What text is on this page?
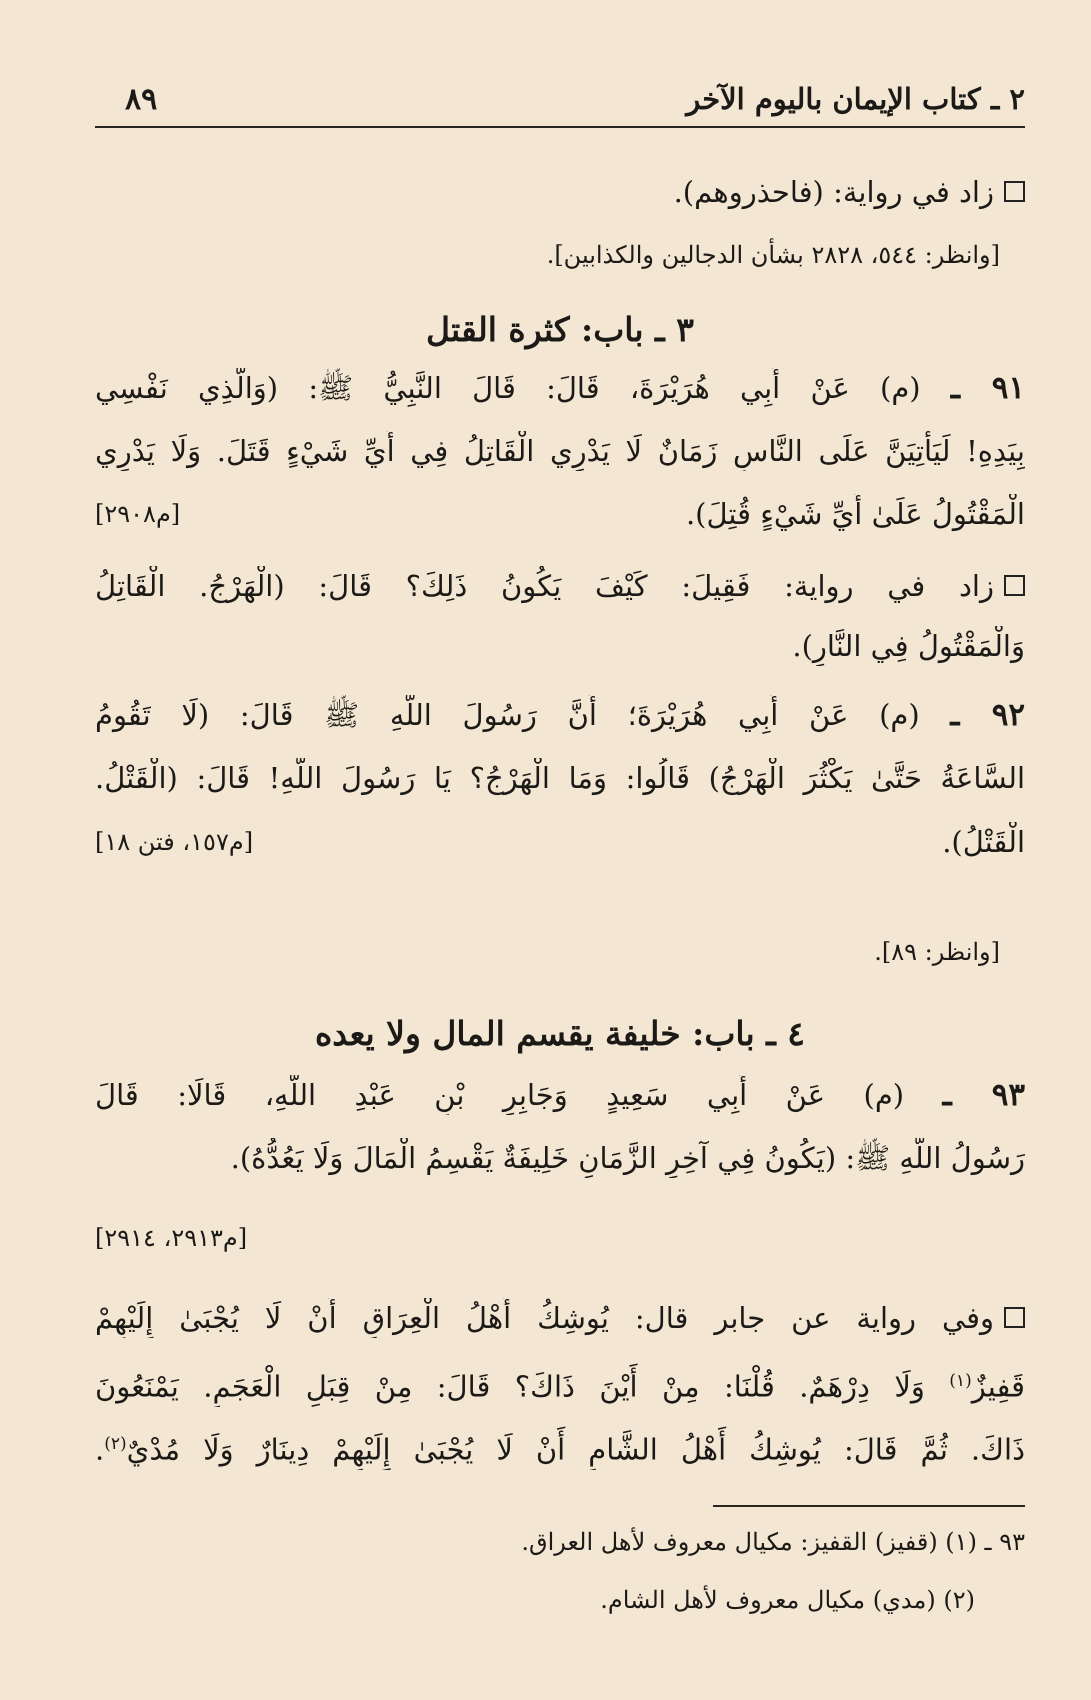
٢ ـ كتاب الإيمان باليوم الآخر
٨٩
زاد في رواية: (فاحذروهم).
[وانظر: ٥٤٤، ٢٨٢٨ بشأن الدجالين والكذابين].
٣ ـ باب: كثرة القتل
٩١ ـ (م) عَنْ أَبِي هُرَيْرَةَ، قَالَ: قَالَ النَّبِيُّ ﷺ: (وَالَّذِي نَفْسِي
بِيَدِهِ! لَيَأْتِيَنَّ عَلَى النَّاسِ زَمَانٌ لَا يَدْرِي الْقَاتِلُ فِي أَيِّ شَيْءٍ قَتَلَ. وَلَا يَدْرِي
الْمَقْتُولُ عَلَىٰ أَيِّ شَيْءٍ قُتِلَ).
[م٢٩٠٨]
زاد في رواية: فَقِيلَ: كَيْفَ يَكُونُ ذَلِكَ؟ قَالَ: (الْهَرْجُ. الْقَاتِلُ
وَالْمَقْتُولُ فِي النَّارِ).
٩٢ ـ (م) عَنْ أَبِي هُرَيْرَةَ؛ أَنَّ رَسُولَ اللَّهِ ﷺ قَالَ: (لَا تَقُومُ
السَّاعَةُ حَتَّىٰ يَكْثُرَ الْهَرْجُ) قَالُوا: وَمَا الْهَرْجُ؟ يَا رَسُولَ اللَّهِ! قَالَ: (الْقَتْلُ.
الْقَتْلُ).
[م١٥٧، فتن ١٨]
[وانظر: ٨٩].
٤ ـ باب: خليفة يقسم المال ولا يعده
٩٣ ـ (م) عَنْ أَبِي سَعِيدٍ وَجَابِرِ بْنِ عَبْدِ اللَّهِ، قَالَا: قَالَ
رَسُولُ اللَّهِ ﷺ: (يَكُونُ فِي آخِرِ الزَّمَانِ خَلِيفَةٌ يَقْسِمُ الْمَالَ وَلَا يَعُدُّهُ).
[م٢٩١٣، ٢٩١٤]
وفي رواية عن جابر قال: يُوشِكُ أَهْلُ الْعِرَاقِ أَنْ لَا يُجْبَىٰ إِلَيْهِمْ
قَفِيزٌ$^{(١)}$ وَلَا دِرْهَمٌ. قُلْنَا: مِنْ أَيْنَ ذَاكَ؟ قَالَ: مِنْ قِبَلِ الْعَجَمِ. يَمْنَعُونَ
ذَاكَ. ثُمَّ قَالَ: يُوشِكُ أَهْلُ الشَّامِ أَنْ لَا يُجْبَىٰ إِلَيْهِمْ دِينَارٌ وَلَا مُدْيٌ$^{(٢)}$.
٩٣ ـ (١) (قفيز) القفيز: مكيال معروف لأهل العراق.
(٢) (مدي) مكيال معروف لأهل الشام.
